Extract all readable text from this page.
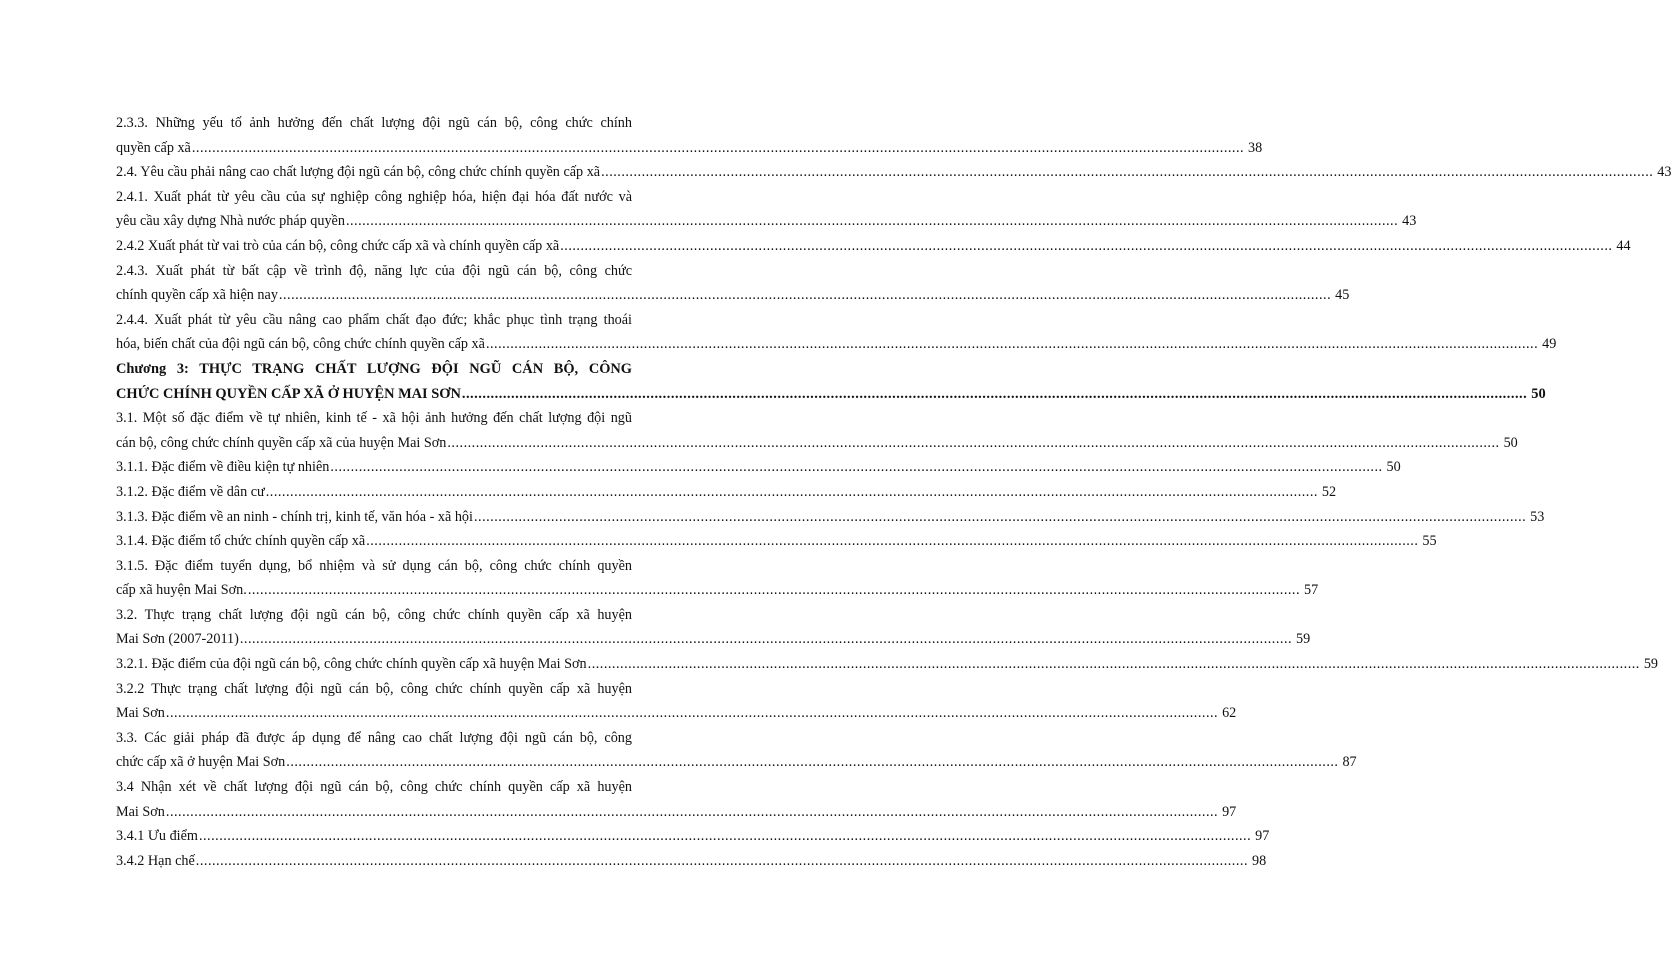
2.3.3. Những yếu tố ảnh hưởng đến chất lượng đội ngũ cán bộ, công chức chính
quyền cấp xã .................................................................................................................................................................................................................................................................... 38
2.4. Yêu cầu phải nâng cao chất lượng đội ngũ cán bộ, công chức chính quyền cấp xã .................................................................................................................................................................................................................................................................... 43
2.4.1. Xuất phát từ yêu cầu của sự nghiệp công nghiệp hóa, hiện đại hóa đất nước và
yêu cầu xây dựng Nhà nước pháp quyền .................................................................................................................................................................................................................................................................... 43
2.4.2 Xuất phát từ vai trò của cán bộ, công chức cấp xã và chính quyền cấp xã .................................................................................................................................................................................................................................................................... 44
2.4.3. Xuất phát từ bất cập về trình độ, năng lực của đội ngũ cán bộ, công chức
chính quyền cấp xã hiện nay .................................................................................................................................................................................................................................................................... 45
2.4.4. Xuất phát từ yêu cầu nâng cao phẩm chất đạo đức; khắc phục tình trạng thoái
hóa, biến chất của đội ngũ cán bộ, công chức chính quyền cấp xã .................................................................................................................................................................................................................................................................... 49
Chương 3: THỰC TRẠNG CHẤT LƯỢNG ĐỘI NGŨ CÁN BỘ, CÔNG
CHỨC CHÍNH QUYỀN CẤP XÃ Ở HUYỆN MAI SƠN .................................................................................................................................................................................................................................................................... 50
3.1. Một số đặc điểm về tự nhiên, kinh tế - xã hội ảnh hưởng đến chất lượng đội ngũ
cán bộ, công chức chính quyền cấp xã của huyện Mai Sơn .................................................................................................................................................................................................................................................................... 50
3.1.1. Đặc điểm về điều kiện tự nhiên .................................................................................................................................................................................................................................................................... 50
3.1.2. Đặc điểm về dân cư .................................................................................................................................................................................................................................................................... 52
3.1.3. Đặc điểm về an ninh - chính trị, kinh tế, văn hóa - xã hội .................................................................................................................................................................................................................................................................... 53
3.1.4. Đặc điểm tổ chức chính quyền cấp xã .................................................................................................................................................................................................................................................................... 55
3.1.5. Đặc điểm tuyển dụng, bổ nhiệm và sử dụng cán bộ, công chức chính quyền
cấp xã huyện Mai Sơn. .................................................................................................................................................................................................................................................................... 57
3.2. Thực trạng chất lượng đội ngũ cán bộ, công chức chính quyền cấp xã huyện
Mai Sơn (2007-2011) .................................................................................................................................................................................................................................................................... 59
3.2.1. Đặc điểm của đội ngũ cán bộ, công chức chính quyền cấp xã huyện Mai Sơn .................................................................................................................................................................................................................................................................... 59
3.2.2 Thực trạng chất lượng đội ngũ cán bộ, công chức chính quyền cấp xã huyện
Mai Sơn .................................................................................................................................................................................................................................................................... 62
3.3. Các giải pháp đã được áp dụng để nâng cao chất lượng đội ngũ cán bộ, công
chức cấp xã ở huyện Mai Sơn .................................................................................................................................................................................................................................................................... 87
3.4 Nhận xét về chất lượng đội ngũ cán bộ, công chức chính quyền cấp xã huyện
Mai Sơn .................................................................................................................................................................................................................................................................... 97
3.4.1 Ưu điểm .................................................................................................................................................................................................................................................................... 97
3.4.2 Hạn chế .................................................................................................................................................................................................................................................................... 98
